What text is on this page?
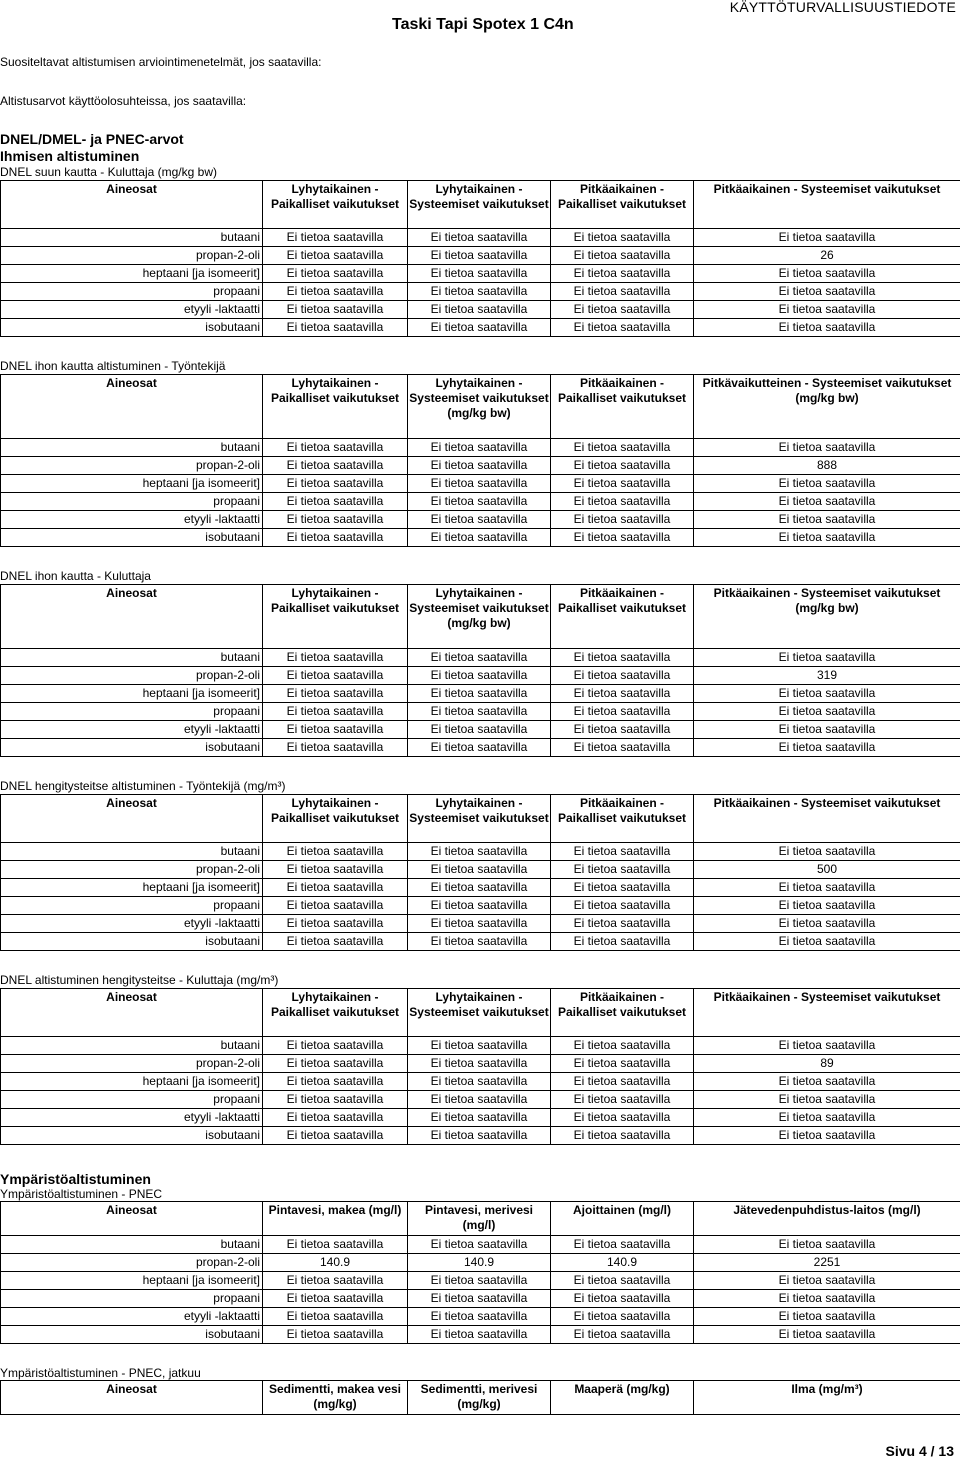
Taski Tapi Spotex 1 C4n
KÄYTTÖTURVALLISUUSTIEDOTE
Suositeltavat altistumisen arviointimenetelmät, jos saatavilla:
Altistusarvot käyttöolosuhteissa, jos saatavilla:
DNEL/DMEL- ja PNEC-arvot
Ihmisen altistuminen
DNEL suun kautta - Kuluttaja (mg/kg bw)
Aineosat	Lyhytaikainen - Paikalliset vaikutukset	Lyhytaikainen - Systeemiset vaikutukset	Pitkäaikainen - Paikalliset vaikutukset	Pitkäaikainen - Systeemiset vaikutukset
butaani	Ei tietoa saatavilla	Ei tietoa saatavilla	Ei tietoa saatavilla	Ei tietoa saatavilla
propan-2-oli	Ei tietoa saatavilla	Ei tietoa saatavilla	Ei tietoa saatavilla	26
heptaani [ja isomeerit]	Ei tietoa saatavilla	Ei tietoa saatavilla	Ei tietoa saatavilla	Ei tietoa saatavilla
propaani	Ei tietoa saatavilla	Ei tietoa saatavilla	Ei tietoa saatavilla	Ei tietoa saatavilla
etyyli -laktaatti	Ei tietoa saatavilla	Ei tietoa saatavilla	Ei tietoa saatavilla	Ei tietoa saatavilla
isobutaani	Ei tietoa saatavilla	Ei tietoa saatavilla	Ei tietoa saatavilla	Ei tietoa saatavilla
DNEL ihon kautta altistuminen - Työntekijä
Aineosat	Lyhytaikainen - Paikalliset vaikutukset	Lyhytaikainen - Systeemiset vaikutukset (mg/kg bw)	Pitkäaikainen - Paikalliset vaikutukset	Pitkävaikutteinen - Systeemiset vaikutukset (mg/kg bw)
butaani	Ei tietoa saatavilla	Ei tietoa saatavilla	Ei tietoa saatavilla	Ei tietoa saatavilla
propan-2-oli	Ei tietoa saatavilla	Ei tietoa saatavilla	Ei tietoa saatavilla	888
heptaani [ja isomeerit]	Ei tietoa saatavilla	Ei tietoa saatavilla	Ei tietoa saatavilla	Ei tietoa saatavilla
propaani	Ei tietoa saatavilla	Ei tietoa saatavilla	Ei tietoa saatavilla	Ei tietoa saatavilla
etyyli -laktaatti	Ei tietoa saatavilla	Ei tietoa saatavilla	Ei tietoa saatavilla	Ei tietoa saatavilla
isobutaani	Ei tietoa saatavilla	Ei tietoa saatavilla	Ei tietoa saatavilla	Ei tietoa saatavilla
DNEL ihon kautta - Kuluttaja
Aineosat	Lyhytaikainen - Paikalliset vaikutukset	Lyhytaikainen - Systeemiset vaikutukset (mg/kg bw)	Pitkäaikainen - Paikalliset vaikutukset	Pitkäaikainen - Systeemiset vaikutukset (mg/kg bw)
butaani	Ei tietoa saatavilla	Ei tietoa saatavilla	Ei tietoa saatavilla	Ei tietoa saatavilla
propan-2-oli	Ei tietoa saatavilla	Ei tietoa saatavilla	Ei tietoa saatavilla	319
heptaani [ja isomeerit]	Ei tietoa saatavilla	Ei tietoa saatavilla	Ei tietoa saatavilla	Ei tietoa saatavilla
propaani	Ei tietoa saatavilla	Ei tietoa saatavilla	Ei tietoa saatavilla	Ei tietoa saatavilla
etyyli -laktaatti	Ei tietoa saatavilla	Ei tietoa saatavilla	Ei tietoa saatavilla	Ei tietoa saatavilla
isobutaani	Ei tietoa saatavilla	Ei tietoa saatavilla	Ei tietoa saatavilla	Ei tietoa saatavilla
DNEL hengitysteitse altistuminen - Työntekijä (mg/m³)
Aineosat	Lyhytaikainen - Paikalliset vaikutukset	Lyhytaikainen - Systeemiset vaikutukset	Pitkäaikainen - Paikalliset vaikutukset	Pitkäaikainen - Systeemiset vaikutukset
butaani	Ei tietoa saatavilla	Ei tietoa saatavilla	Ei tietoa saatavilla	Ei tietoa saatavilla
propan-2-oli	Ei tietoa saatavilla	Ei tietoa saatavilla	Ei tietoa saatavilla	500
heptaani [ja isomeerit]	Ei tietoa saatavilla	Ei tietoa saatavilla	Ei tietoa saatavilla	Ei tietoa saatavilla
propaani	Ei tietoa saatavilla	Ei tietoa saatavilla	Ei tietoa saatavilla	Ei tietoa saatavilla
etyyli -laktaatti	Ei tietoa saatavilla	Ei tietoa saatavilla	Ei tietoa saatavilla	Ei tietoa saatavilla
isobutaani	Ei tietoa saatavilla	Ei tietoa saatavilla	Ei tietoa saatavilla	Ei tietoa saatavilla
DNEL altistuminen hengitysteitse - Kuluttaja (mg/m³)
Aineosat	Lyhytaikainen - Paikalliset vaikutukset	Lyhytaikainen - Systeemiset vaikutukset	Pitkäaikainen - Paikalliset vaikutukset	Pitkäaikainen - Systeemiset vaikutukset
butaani	Ei tietoa saatavilla	Ei tietoa saatavilla	Ei tietoa saatavilla	Ei tietoa saatavilla
propan-2-oli	Ei tietoa saatavilla	Ei tietoa saatavilla	Ei tietoa saatavilla	89
heptaani [ja isomeerit]	Ei tietoa saatavilla	Ei tietoa saatavilla	Ei tietoa saatavilla	Ei tietoa saatavilla
propaani	Ei tietoa saatavilla	Ei tietoa saatavilla	Ei tietoa saatavilla	Ei tietoa saatavilla
etyyli -laktaatti	Ei tietoa saatavilla	Ei tietoa saatavilla	Ei tietoa saatavilla	Ei tietoa saatavilla
isobutaani	Ei tietoa saatavilla	Ei tietoa saatavilla	Ei tietoa saatavilla	Ei tietoa saatavilla
Ympäristöaltistuminen
Ympäristöaltistuminen - PNEC
Aineosat	Pintavesi, makea (mg/l)	Pintavesi, merivesi (mg/l)	Ajoittainen (mg/l)	Jätevedenpuhdistus-laitos (mg/l)
butaani	Ei tietoa saatavilla	Ei tietoa saatavilla	Ei tietoa saatavilla	Ei tietoa saatavilla
propan-2-oli	140.9	140.9	140.9	2251
heptaani [ja isomeerit]	Ei tietoa saatavilla	Ei tietoa saatavilla	Ei tietoa saatavilla	Ei tietoa saatavilla
propaani	Ei tietoa saatavilla	Ei tietoa saatavilla	Ei tietoa saatavilla	Ei tietoa saatavilla
etyyli -laktaatti	Ei tietoa saatavilla	Ei tietoa saatavilla	Ei tietoa saatavilla	Ei tietoa saatavilla
isobutaani	Ei tietoa saatavilla	Ei tietoa saatavilla	Ei tietoa saatavilla	Ei tietoa saatavilla
Ympäristöaltistuminen - PNEC, jatkuu
Aineosat	Sedimentti, makea vesi (mg/kg)	Sedimentti, merivesi (mg/kg)	Maaperä (mg/kg)	Ilma (mg/m³)
Sivu 4 / 13
